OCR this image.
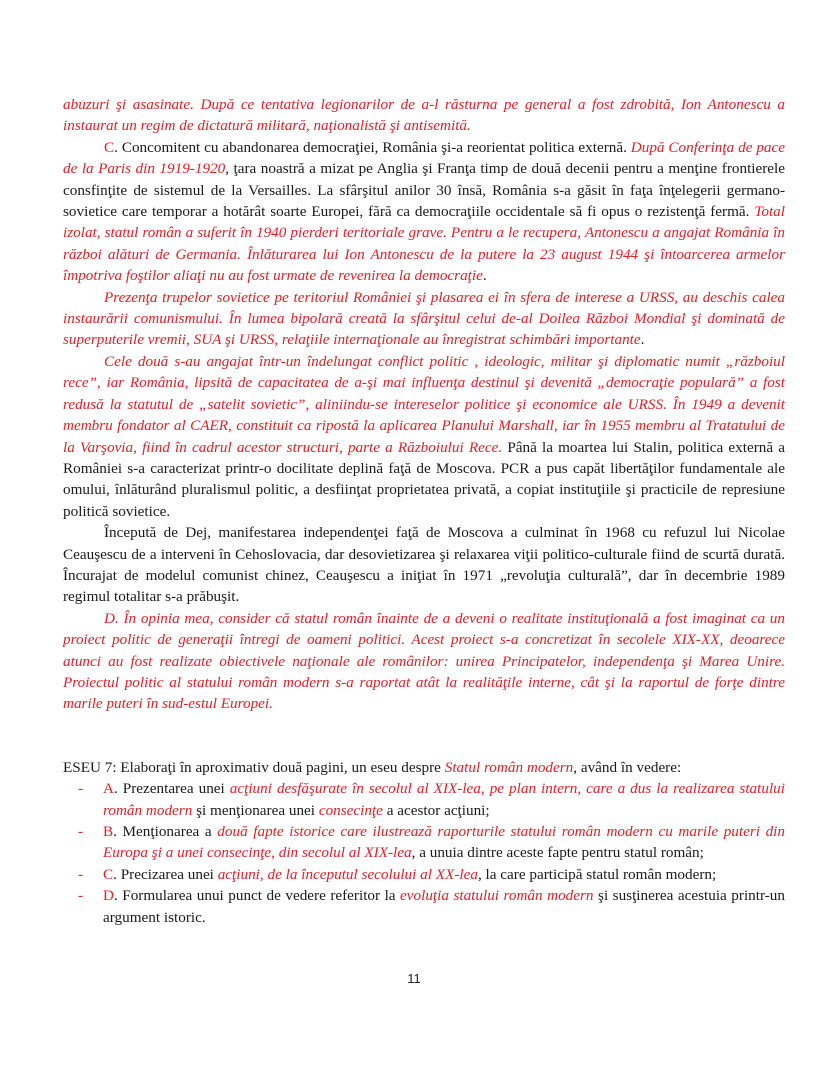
abuzuri şi asasinate. După ce tentativa legionarilor de a-l răsturna pe general a fost zdrobită, Ion Antonescu a instaurat un regim de dictatură militară, naţionalistă şi antisemită.

C. Concomitent cu abandonarea democraţiei, România şi-a reorientat politica externă. După Conferinţa de pace de la Paris din 1919-1920, ţara noastră a mizat pe Anglia şi Franţa timp de două decenii pentru a menţine frontierele consfinţite de sistemul de la Versailles. La sfârşitul anilor 30 însă, România s-a găsit în faţa înţelegerii germano-sovietice care temporar a hotărât soarte Europei, fără ca democraţiile occidentale să fi opus o rezistenţă fermă. Total izolat, statul român a suferit în 1940 pierderi teritoriale grave. Pentru a le recupera, Antonescu a angajat România în război alături de Germania. Înlăturarea lui Ion Antonescu de la putere la 23 august 1944 şi întoarcerea armelor împotriva foştilor aliaţi nu au fost urmate de revenirea la democraţie.

Prezenţa trupelor sovietice pe teritoriul României şi plasarea ei în sfera de interese a URSS, au deschis calea instaurării comunismului. În lumea bipolară creată la sfârşitul celui de-al Doilea Război Mondial şi dominată de superputerile vremii, SUA şi URSS, relaţiile internaţionale au înregistrat schimbări importante.

Cele două s-au angajat într-un îndelungat conflict politic , ideologic, militar şi diplomatic numit „războiul rece”, iar România, lipsită de capacitatea de a-şi mai influenţa destinul şi devenită „democraţie populară” a fost redusă la statutul de „satelit sovietic”, aliniindu-se intereselor politice şi economice ale URSS. În 1949 a devenit membru fondator al CAER, constituit ca ripostă la aplicarea Planului Marshall, iar în 1955 membru al Tratatului de la Varşovia, fiind în cadrul acestor structuri, parte a Războiului Rece. Până la moartea lui Stalin, politica externă a României s-a caracterizat printr-o docilitate deplină faţă de Moscova. PCR a pus capăt libertăţilor fundamentale ale omului, înlăturând pluralismul politic, a desfiinţat proprietatea privată, a copiat instituţiile şi practicile de represiune politică sovietice.

Începută de Dej, manifestarea independenţei faţă de Moscova a culminat în 1968 cu refuzul lui Nicolae Ceauşescu de a interveni în Cehoslovacia, dar desovietizarea şi relaxarea viţii politico-culturale fiind de scurtă durată. Încurajat de modelul comunist chinez, Ceauşescu a iniţiat în 1971 „revoluţia culturală”, dar în decembrie 1989 regimul totalitar s-a prăbuşit.

D. În opinia mea, consider că statul român înainte de a deveni o realitate instituţională a fost imaginat ca un proiect politic de generaţii întregi de oameni politici. Acest proiect s-a concretizat în secolele XIX-XX, deoarece atunci au fost realizate obiectivele naţionale ale românilor: unirea Principatelor, independenţa şi Marea Unire. Proiectul politic al statului român modern s-a raportat atât la realităţile interne, cât şi la raportul de forţe dintre marile puteri în sud-estul Europei.

ESEU 7: Elaboraţi în aproximativ două pagini, un eseu despre Statul român modern, având în vedere:

- A. Prezentarea unei acţiuni desfăşurate în secolul al XIX-lea, pe plan intern, care a dus la realizarea statului român modern şi menţionarea unei consecinţe a acestor acţiuni;
- B. Menţionarea a două fapte istorice care ilustrează raporturile statului român modern cu marile puteri din Europa şi a unei consecinţe, din secolul al XIX-lea, a unuia dintre aceste fapte pentru statul român;
- C. Precizarea unei acţiuni, de la începutul secolului al XX-lea, la care participă statul român modern;
- D. Formularea unui punct de vedere referitor la evoluţia statului român modern şi susţinerea acestuia printr-un argument istoric.
11
